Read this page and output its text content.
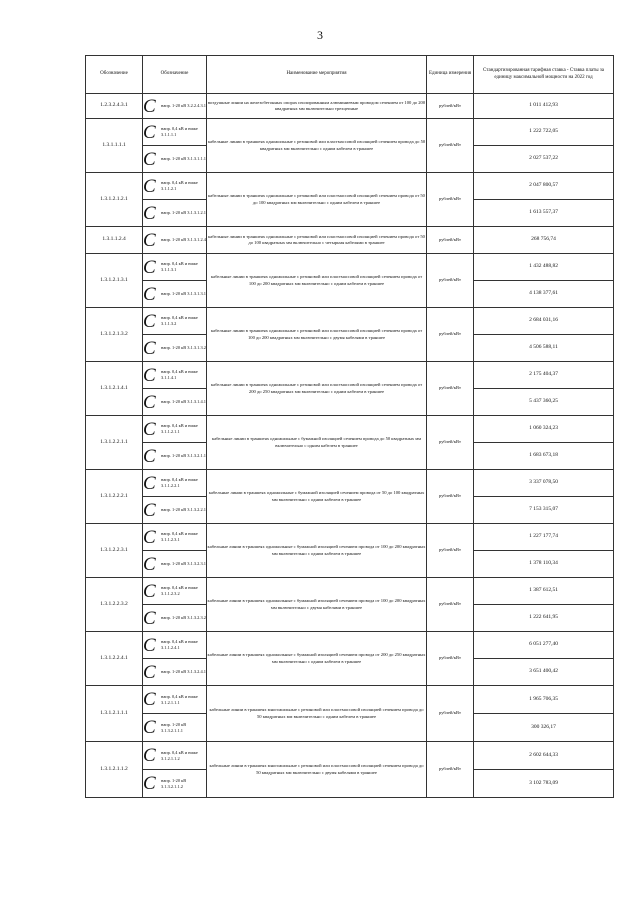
3
Обозначение	Обозначение	Наименование мероприятия	Единица измерения	Стандартизированная тарифная ставка - Ставка платы за единицу максимальной мощности на 2022 год
1.2.3.2.4.3.1	C напр. 1-20 кВ 3.2.2.4.3.1	воздушные линии на железобетонных опорах изолированным алюминиевым проводом сечением от 100 до 200 квадратных мм включительно трехцепные	рублей/кВт	1 011 412,93
1.3.1.1.1.1	C напр. 0,4 кВ и ниже 3.1.1.1.1	кабельные линии в траншеях одножильные с резиновой или пластмассовой изоляцией сечением провода до 50 квадратных мм включительно с одним кабелем в траншее	рублей/кВт	1 222 722,05

	C напр. 1-20 кВ 3.1.3.1.1.1			2 027 537,22
1.3.1.2.1.2.1	C напр. 0,4 кВ и ниже 3.1.1.2.1	кабельные линии в траншеях одножильные с резиновой или пластмассовой изоляцией сечением провода от 50 до 100 квадратных мм включительно с одним кабелем в траншее	рублей/кВт	2 047 800,57

	C напр. 1-20 кВ 3.1.3.1.2.1			1 613 557,37
1.3.1.1.2.4	C напр. 1-20 кВ 3.1.3.1.2.4	кабельные линии в траншеях одножильные с резиновой или пластмассовой изоляцией сечением провода от 50 до 100 квадратных мм включительно с четырьмя кабелями в траншее	рублей/кВт	268 756,74
1.3.1.2.1.3.1	C напр. 0,4 кВ и ниже 3.1.1.3.1	кабельные линии в траншеях одножильные с резиновой или пластмассовой изоляцией сечением провода от 100 до 200 квадратных мм включительно с одним кабелем в траншее	рублей/кВт	1 432 488,82

	C напр. 1-20 кВ 3.1.3.1.3.1			4 138 377,61
1.3.1.2.1.3.2	C напр. 0,4 кВ и ниже 3.1.1.3.2	кабельные линии в траншеях одножильные с резиновой или пластмассовой изоляцией сечением провода от 100 до 200 квадратных мм включительно с двумя кабелями в траншее	рублей/кВт	2 684 031,16

	C напр. 1-20 кВ 3.1.3.1.3.2			4 506 588,11
1.3.1.2.1.4.1	C напр. 0,4 кВ и ниже 3.1.1.4.1	кабельные линии в траншеях одножильные с резиновой или пластмассовой изоляцией сечением провода от 200 до 250 квадратных мм включительно с одним кабелем в траншее	рублей/кВт	2 175 404,37

	C напр. 1-20 кВ 3.1.3.1.4.1			5 437 360,25
1.3.1.2.2.1.1	C напр. 0,4 кВ и ниже 3.1.1.2.1.1	кабельные линии в траншеях одножильные с бумажной изоляцией сечением провода до 50 квадратных мм включительно с одним кабелем в траншее	рублей/кВт	1 060 324,23

	C напр. 1-20 кВ 3.1.3.2.1.1			1 683 673,18
1.3.1.2.2.2.1	C напр. 0,4 кВ и ниже 3.1.1.2.2.1	кабельные линии в траншеях одножильные с бумажной изоляцией сечением провода от 50 до 100 квадратных мм включительно с одним кабелем в траншее	рублей/кВт	3 337 078,50

	C напр. 1-20 кВ 3.1.3.2.2.1			7 153 315,07
1.3.1.2.2.3.1	C напр. 0,4 кВ и ниже 3.1.1.2.3.1	кабельные линии в траншеях одножильные с бумажной изоляцией сечением провода от 100 до 200 квадратных мм включительно с одним кабелем в траншее	рублей/кВт	1 227 177,74

	C напр. 1-20 кВ 3.1.3.2.3.1			1 378 110,34
1.3.1.2.2.3.2	C напр. 0,4 кВ и ниже 3.1.1.2.3.2	кабельные линии в траншеях одножильные с бумажной изоляцией сечением провода от 100 до 200 квадратных мм включительно с двумя кабелями в траншее	рублей/кВт	1 387 612,51

	C напр. 1-20 кВ 3.1.3.2.3.2			1 222 641,95
1.3.1.2.2.4.1	C напр. 0,4 кВ и ниже 3.1.1.2.4.1	кабельные линии в траншеях одножильные с бумажной изоляцией сечением провода от 200 до 250 квадратных мм включительно с одним кабелем в траншее	рублей/кВт	6 051 277,40

	C напр. 1-20 кВ 3.1.3.2.4.1			3 651 400,42
1.3.1.2.1.1.1	C напр. 0,4 кВ и ниже 3.1.2.1.1.1	кабельные линии в траншеях многожильные с резиновой или пластмассовой изоляцией сечением провода до 50 квадратных мм включительно с одним кабелем в траншее	рублей/кВт	1 965 706,35

	C напр. 1-20 кВ 3.1.3.2.1.1.1			300 326,17
1.3.1.2.1.1.2	C напр. 0,4 кВ и ниже 3.1.2.1.1.2	кабельные линии в траншеях многожильные с резиновой или пластмассовой изоляцией сечением провода до 50 квадратных мм включительно с двумя кабелями в траншее	рублей/кВт	2 602 644,33

	C напр. 1-20 кВ 3.1.3.2.1.1.2			3 102 783,09
